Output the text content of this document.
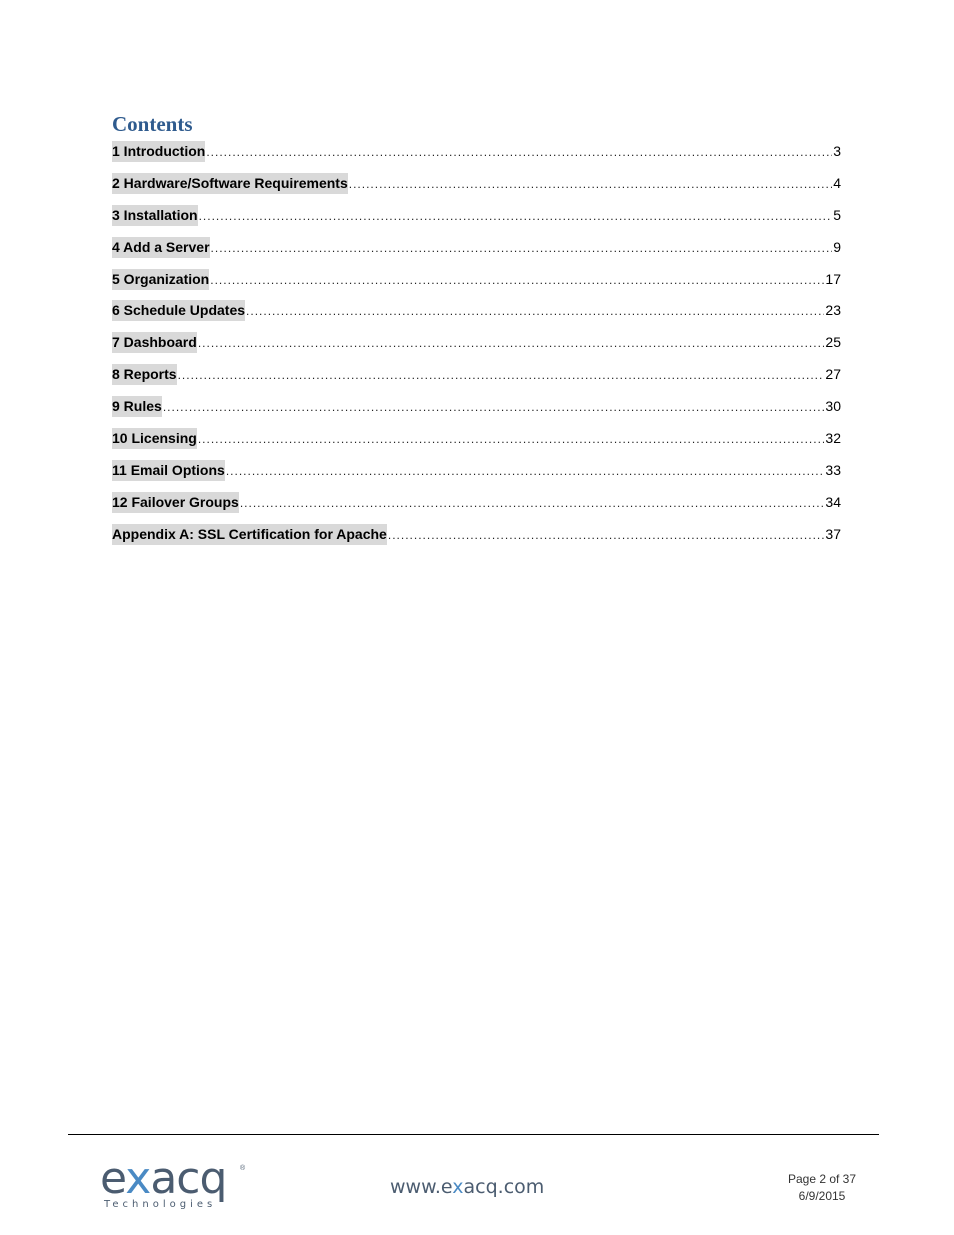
Contents
1 Introduction .....	3
2 Hardware/Software Requirements .....	4
3 Installation .....	5
4 Add a Server .....	9
5 Organization .....	17
6 Schedule Updates .....	23
7 Dashboard .....	25
8 Reports .....	27
9 Rules .....	30
10 Licensing .....	32
11 Email Options .....	33
12 Failover Groups .....	34
Appendix A: SSL Certification for Apache .....	37
exacq ®
Technologies
www.exacq.com	Page 2 of 37
6/9/2015
